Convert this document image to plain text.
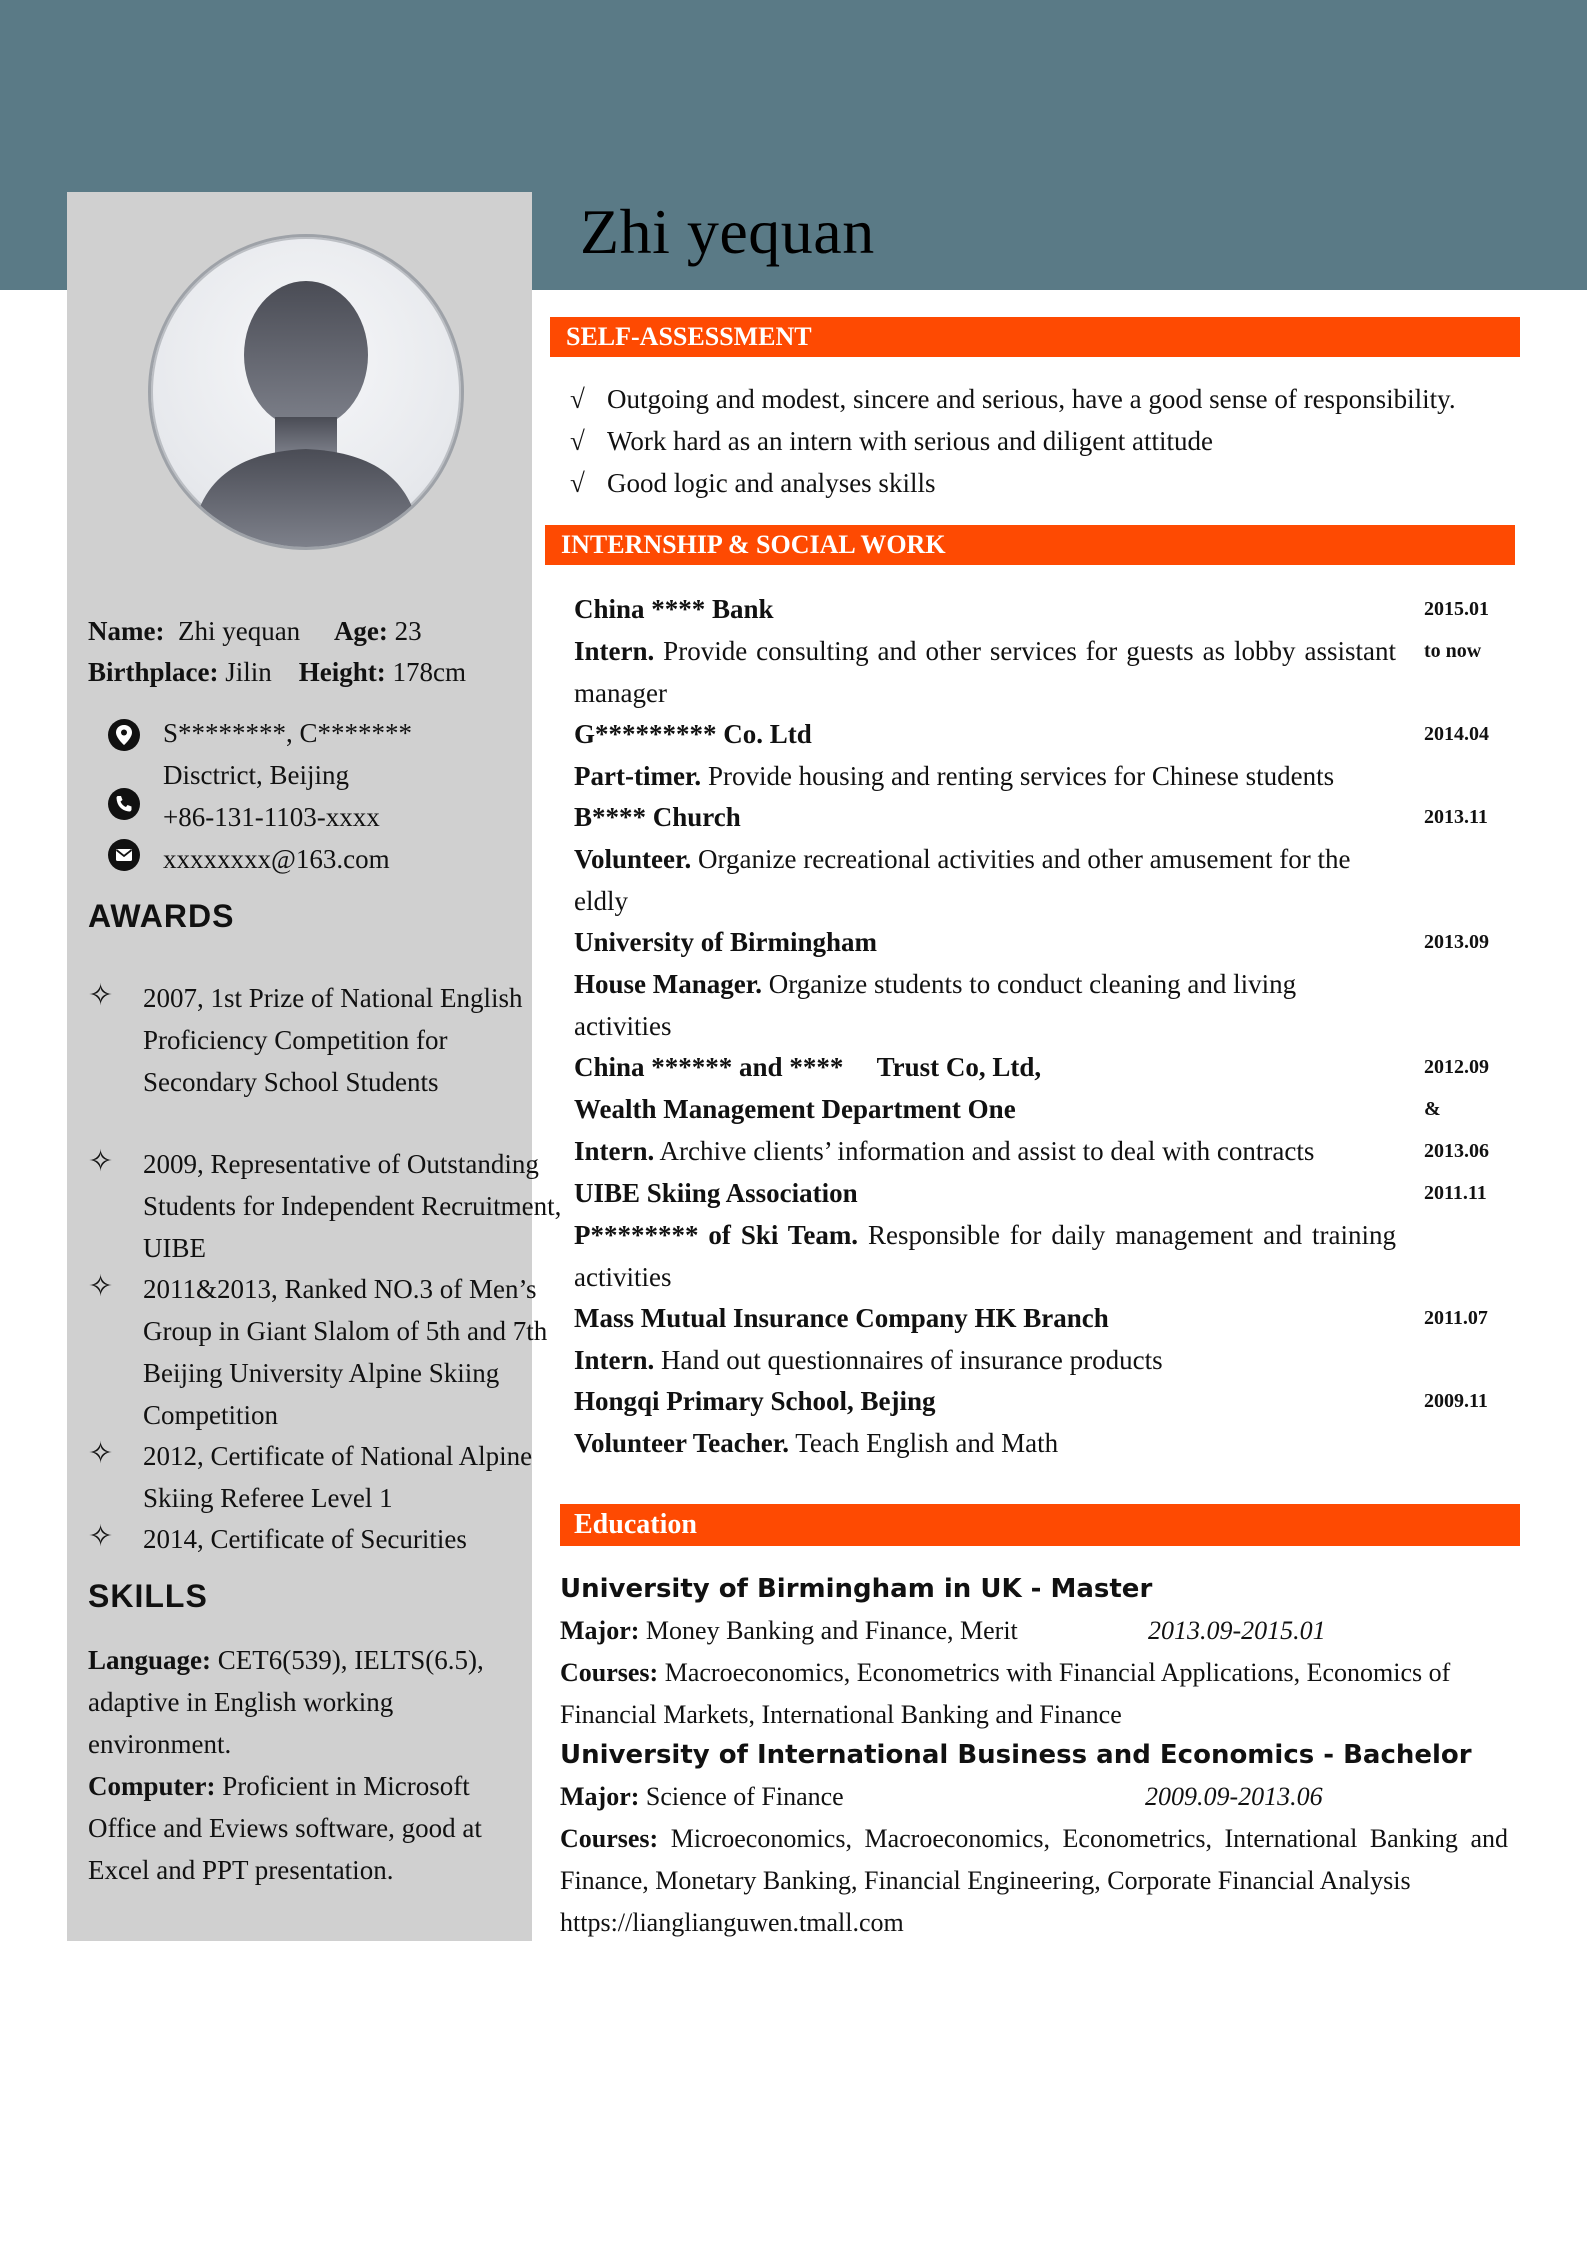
Zhi yequan
Name: Zhi yequan Age: 23
Birthplace: Jilin Height: 178cm
S********, C*******
Disctrict, Beijing
+86-131-1103-xxxx
xxxxxxxx@163.com
AWARDS
✧ 2007, 1st Prize of National English Proficiency Competition for Secondary School Students
✧ 2009, Representative of Outstanding Students for Independent Recruitment, UIBE
✧ 2011&2013, Ranked NO.3 of Men’s Group in Giant Slalom of 5th and 7th Beijing University Alpine Skiing Competition
✧ 2012, Certificate of National Alpine Skiing Referee Level 1
✧ 2014, Certificate of Securities
SKILLS
Language: CET6(539), IELTS(6.5), adaptive in English working environment.
Computer: Proficient in Microsoft Office and Eviews software, good at Excel and PPT presentation.
SELF-ASSESSMENT
√ Outgoing and modest, sincere and serious, have a good sense of responsibility.
√ Work hard as an intern with serious and diligent attitude
√ Good logic and analyses skills
INTERNSHIP & SOCIAL WORK
China **** Bank
Intern. Provide consulting and other services for guests as lobby assistant manager
2015.01
to now
G********* Co. Ltd
Part-timer. Provide housing and renting services for Chinese students
2014.04
B**** Church
Volunteer. Organize recreational activities and other amusement for the eldly
2013.11
University of Birmingham
House Manager. Organize students to conduct cleaning and living activities
2013.09
China ****** and ****     Trust Co, Ltd,
Wealth Management Department One
Intern. Archive clients’ information and assist to deal with contracts
2012.09
&
2013.06
UIBE Skiing Association
P******** of Ski Team. Responsible for daily management and training activities
2011.11
Mass Mutual Insurance Company HK Branch
Intern. Hand out questionnaires of insurance products
2011.07
Hongqi Primary School, Bejing
Volunteer Teacher. Teach English and Math
2009.11
Education
University of Birmingham in UK - Master
Major: Money Banking and Finance, Merit	2013.09-2015.01
Courses: Macroeconomics, Econometrics with Financial Applications, Economics of Financial Markets, International Banking and Finance
University of International Business and Economics - Bachelor
Major: Science of Finance	2009.09-2013.06
Courses: Microeconomics, Macroeconomics, Econometrics, International Banking and Finance, Monetary Banking, Financial Engineering, Corporate Financial Analysis
https://lianglianguwen.tmall.com
